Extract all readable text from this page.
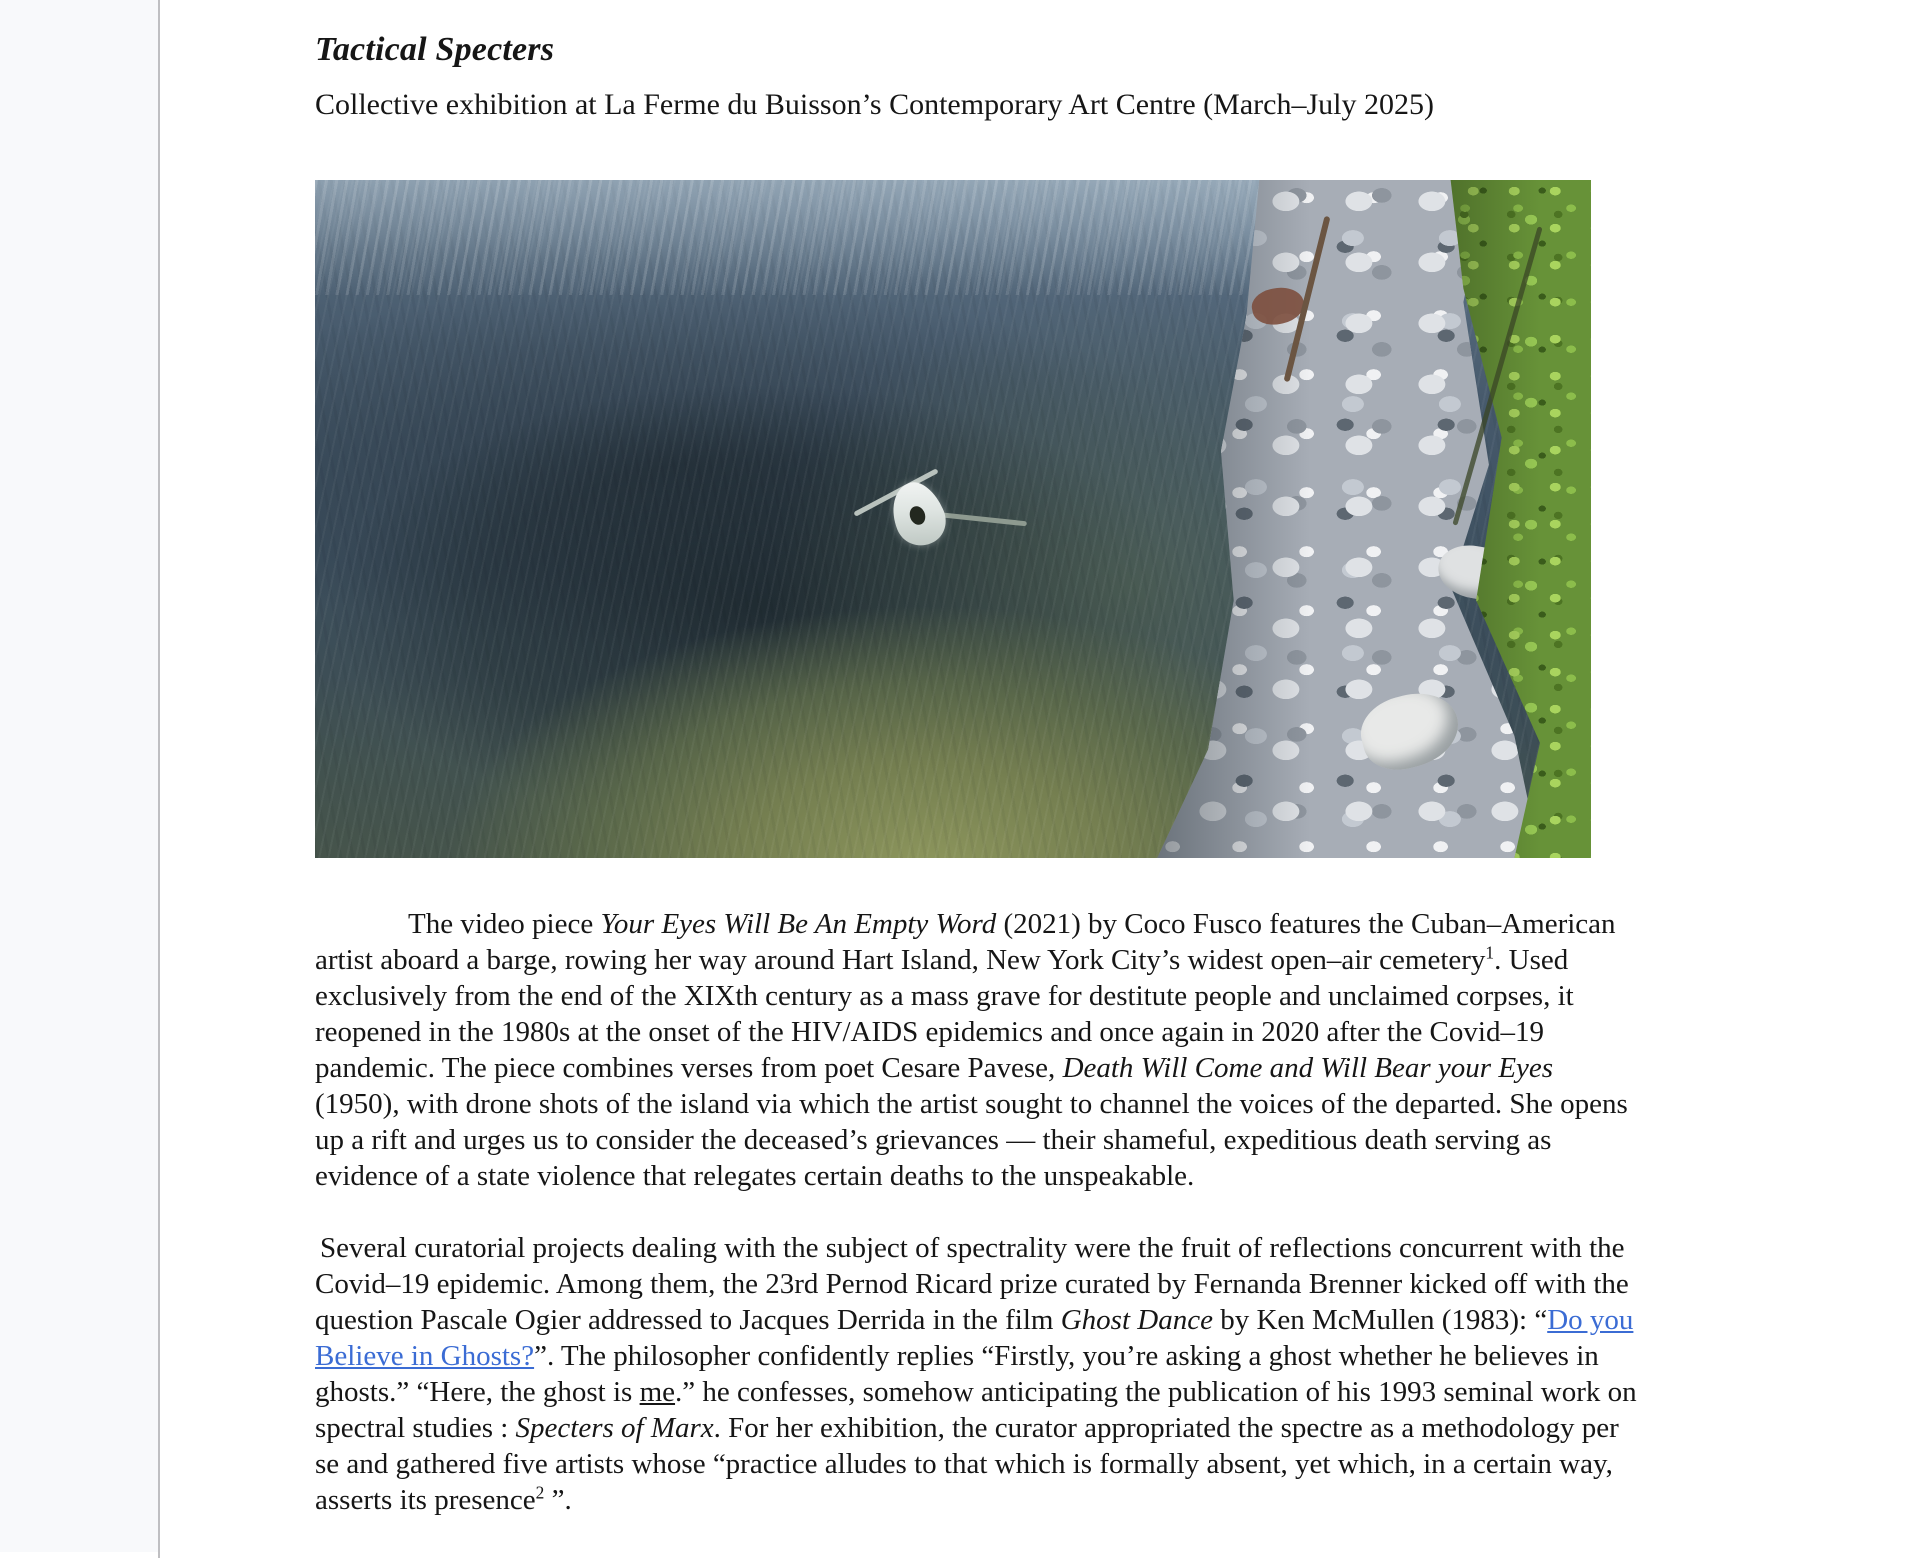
Tactical Specters

Collective exhibition at La Ferme du Buisson’s Contemporary Art Centre (March–July 2025)

The video piece Your Eyes Will Be An Empty Word (2021) by Coco Fusco features the Cuban–American artist aboard a barge, rowing her way around Hart Island, New York City’s widest open–air cemetery$^1$. Used exclusively from the end of the XIXth century as a mass grave for destitute people and unclaimed corpses, it reopened in the 1980s at the onset of the HIV/AIDS epidemics and once again in 2020 after the Covid–19 pandemic. The piece combines verses from poet Cesare Pavese, Death Will Come and Will Bear your Eyes (1950), with drone shots of the island via which the artist sought to channel the voices of the departed. She opens up a rift and urges us to consider the deceased’s grievances — their shameful, expeditious death serving as evidence of a state violence that relegates certain deaths to the unspeakable.

Several curatorial projects dealing with the subject of spectrality were the fruit of reflections concurrent with the Covid–19 epidemic. Among them, the 23rd Pernod Ricard prize curated by Fernanda Brenner kicked off with the question Pascale Ogier addressed to Jacques Derrida in the film Ghost Dance by Ken McMullen (1983): “Do you Believe in Ghosts?”. The philosopher confidently replies “Firstly, you’re asking a ghost whether he believes in ghosts.” “Here, the ghost is me.” he confesses, somehow anticipating the publication of his 1993 seminal work on spectral studies : Specters of Marx. For her exhibition, the curator appropriated the spectre as a methodology per se and gathered five artists whose “practice alludes to that which is formally absent, yet which, in a certain way, asserts its presence$^2$ ”.
